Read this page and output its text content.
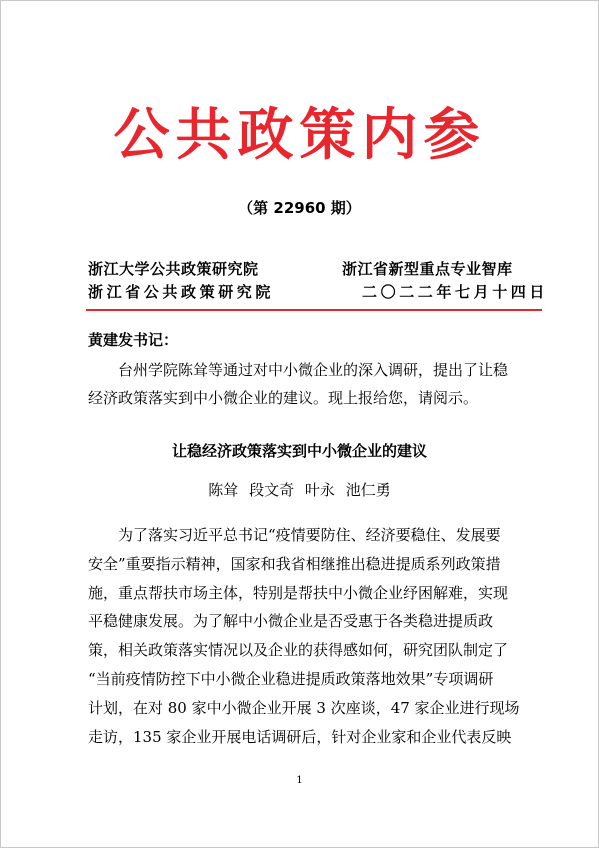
公共政策内参
（第 22960 期）
浙江大学公共政策研究院	浙江省新型重点专业智库
浙江省公共政策研究院	二〇二二年七月十四日
黄建发书记：
台州学院陈耸等通过对中小微企业的深入调研，提出了让稳
经济政策落实到中小微企业的建议。现上报给您，请阅示。
让稳经济政策落实到中小微企业的建议
陈耸 段文奇 叶永 池仁勇
为了落实习近平总书记“疫情要防住、经济要稳住、发展要
安全”重要指示精神，国家和我省相继推出稳进提质系列政策措
施，重点帮扶市场主体，特别是帮扶中小微企业纾困解难，实现
平稳健康发展。为了解中小微企业是否受惠于各类稳进提质政
策，相关政策落实情况以及企业的获得感如何，研究团队制定了
“当前疫情防控下中小微企业稳进提质政策落地效果”专项调研
计划，在对 80 家中小微企业开展 3 次座谈，47 家企业进行现场
走访，135 家企业开展电话调研后，针对企业家和企业代表反映
1
